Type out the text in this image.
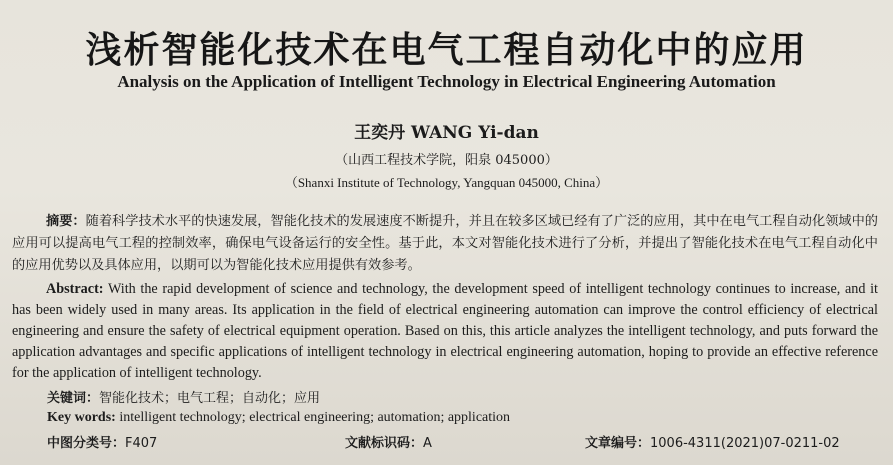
浅析智能化技术在电气工程自动化中的应用
Analysis on the Application of Intelligent Technology in Electrical Engineering Automation
王奕丹 WANG Yi-dan
（山西工程技术学院，阳泉 045000）
（Shanxi Institute of Technology, Yangquan 045000, China）
摘要：随着科学技术水平的快速发展，智能化技术的发展速度不断提升，并且在较多区域已经有了广泛的应用，其中在电气工程自动化领域中的应用可以提高电气工程的控制效率，确保电气设备运行的安全性。基于此，本文对智能化技术进行了分析，并提出了智能化技术在电气工程自动化中的应用优势以及具体应用，以期可以为智能化技术应用提供有效参考。
Abstract: With the rapid development of science and technology, the development speed of intelligent technology continues to increase, and it has been widely used in many areas. Its application in the field of electrical engineering automation can improve the control efficiency of electrical engineering and ensure the safety of electrical equipment operation. Based on this, this article analyzes the intelligent technology, and puts forward the application advantages and specific applications of intelligent technology in electrical engineering automation, hoping to provide an effective reference for the application of intelligent technology.
关键词：智能化技术；电气工程；自动化；应用
Key words: intelligent technology; electrical engineering; automation; application
中图分类号：F407	文献标识码：A	文章编号：1006-4311(2021)07-0211-02
